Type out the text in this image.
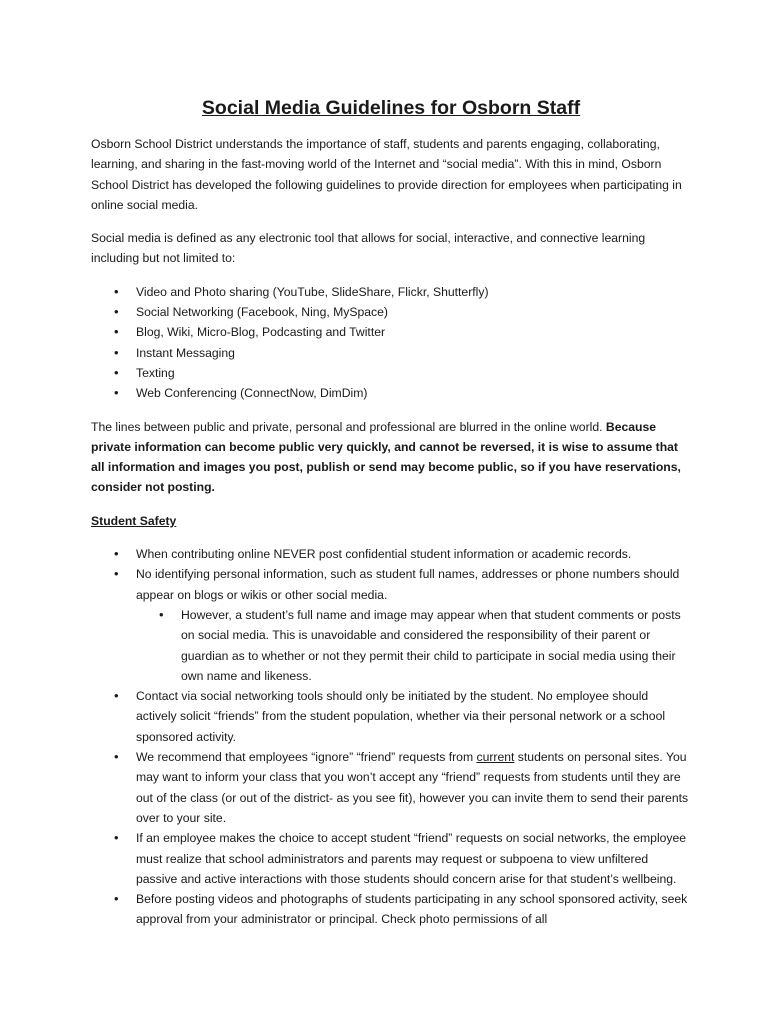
Social Media Guidelines for Osborn Staff

Osborn School District understands the importance of staff, students and parents engaging, collaborating, learning, and sharing in the fast-moving world of the Internet and “social media”. With this in mind, Osborn School District has developed the following guidelines to provide direction for employees when participating in online social media.

Social media is defined as any electronic tool that allows for social, interactive, and connective learning including but not limited to:

• Video and Photo sharing (YouTube, SlideShare, Flickr, Shutterfly)
• Social Networking (Facebook, Ning, MySpace)
• Blog, Wiki, Micro-Blog, Podcasting and Twitter
• Instant Messaging
• Texting
• Web Conferencing (ConnectNow, DimDim)

The lines between public and private, personal and professional are blurred in the online world. Because private information can become public very quickly, and cannot be reversed, it is wise to assume that all information and images you post, publish or send may become public, so if you have reservations, consider not posting.

Student Safety
• When contributing online NEVER post confidential student information or academic records.
• No identifying personal information, such as student full names, addresses or phone numbers should appear on blogs or wikis or other social media.
• However, a student’s full name and image may appear when that student comments or posts on social media. This is unavoidable and considered the responsibility of their parent or guardian as to whether or not they permit their child to participate in social media using their own name and likeness.
• Contact via social networking tools should only be initiated by the student. No employee should actively solicit “friends” from the student population, whether via their personal network or a school sponsored activity.
• We recommend that employees “ignore” “friend” requests from current students on personal sites. You may want to inform your class that you won’t accept any “friend” requests from students until they are out of the class (or out of the district- as you see fit), however you can invite them to send their parents over to your site.
• If an employee makes the choice to accept student “friend” requests on social networks, the employee must realize that school administrators and parents may request or subpoena to view unfiltered passive and active interactions with those students should concern arise for that student’s wellbeing.
• Before posting videos and photographs of students participating in any school sponsored activity, seek approval from your administrator or principal. Check photo permissions of all
